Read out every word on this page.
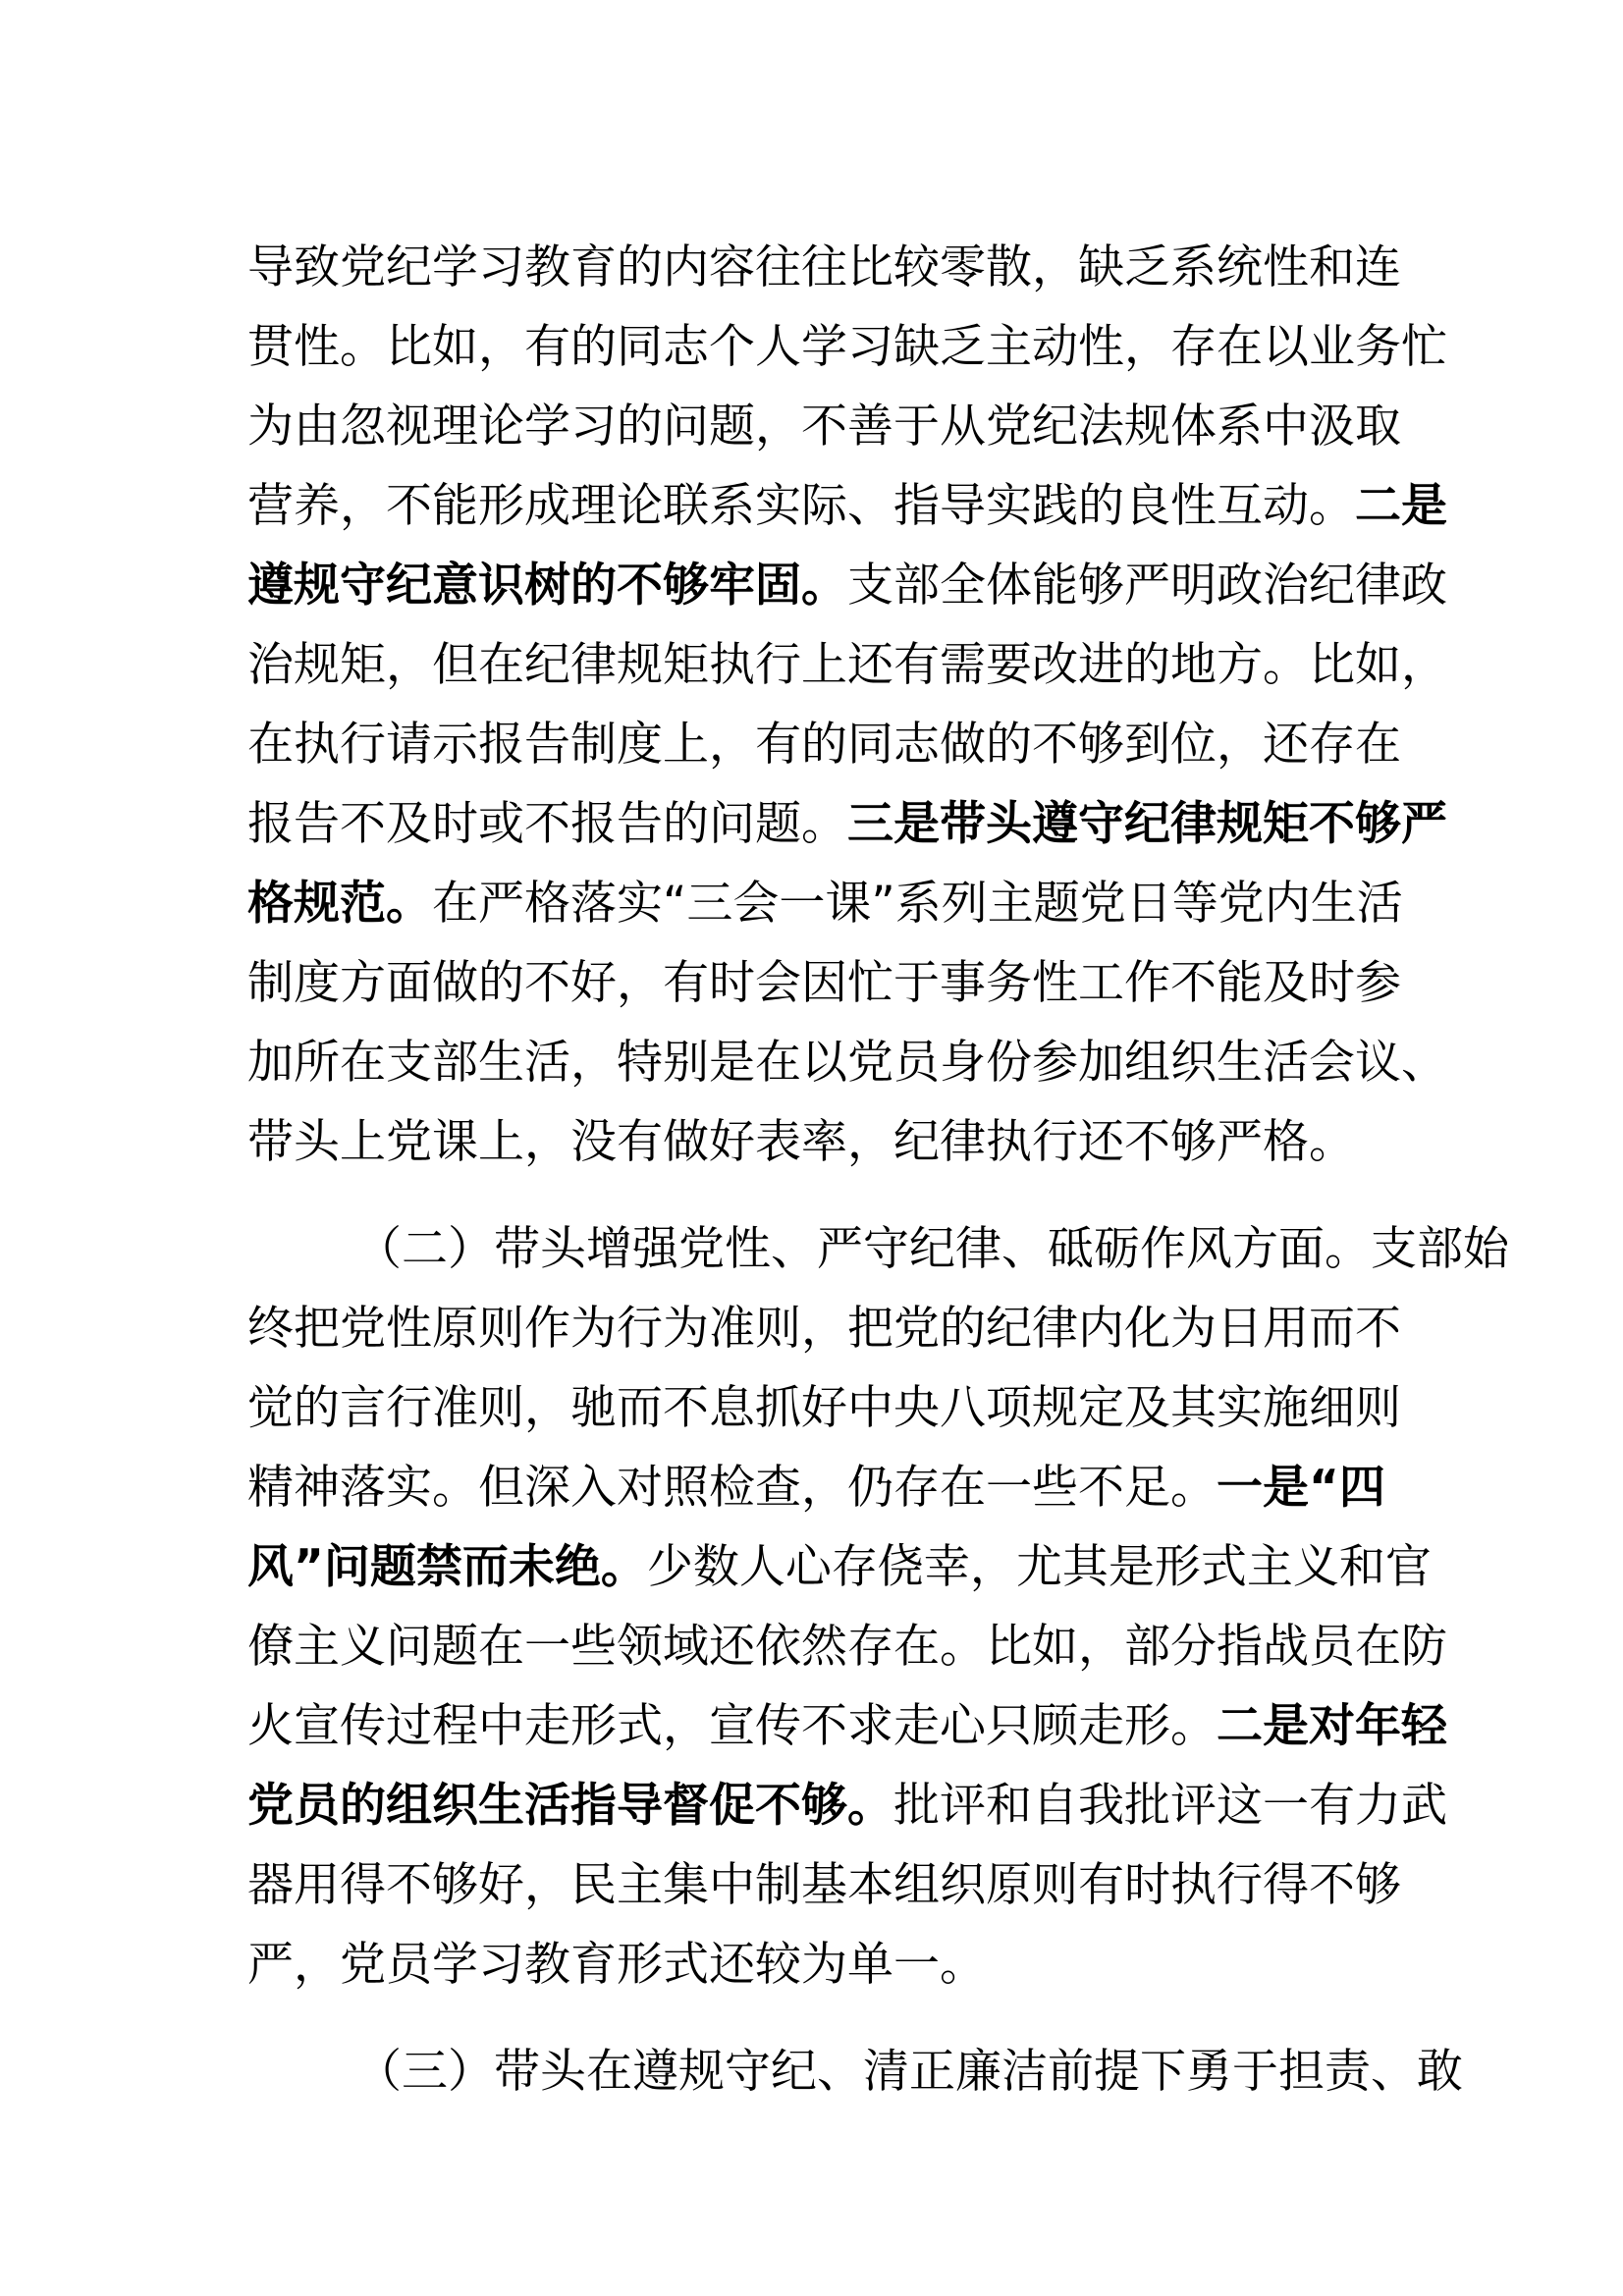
导致党纪学习教育的内容往往比较零散，缺乏系统性和连
贯性。比如，有的同志个人学习缺乏主动性，存在以业务忙
为由忽视理论学习的问题，不善于从党纪法规体系中汲取
营养，不能形成理论联系实际、指导实践的良性互动。二是
遵规守纪意识树的不够牢固。支部全体能够严明政治纪律政
治规矩，但在纪律规矩执行上还有需要改进的地方。比如，
在执行请示报告制度上，有的同志做的不够到位，还存在
报告不及时或不报告的问题。三是带头遵守纪律规矩不够严
格规范。在严格落实“三会一课”系列主题党日等党内生活
制度方面做的不好，有时会因忙于事务性工作不能及时参
加所在支部生活，特别是在以党员身份参加组织生活会议、
带头上党课上，没有做好表率，纪律执行还不够严格。
（二）带头增强党性、严守纪律、砥砺作风方面。支部始
终把党性原则作为行为准则，把党的纪律内化为日用而不
觉的言行准则，驰而不息抓好中央八项规定及其实施细则
精神落实。但深入对照检查，仍存在一些不足。一是“四
风”问题禁而未绝。少数人心存侥幸，尤其是形式主义和官
僚主义问题在一些领域还依然存在。比如，部分指战员在防
火宣传过程中走形式，宣传不求走心只顾走形。二是对年轻
党员的组织生活指导督促不够。批评和自我批评这一有力武
器用得不够好，民主集中制基本组织原则有时执行得不够
严，党员学习教育形式还较为单一。
（三）带头在遵规守纪、清正廉洁前提下勇于担责、敢
